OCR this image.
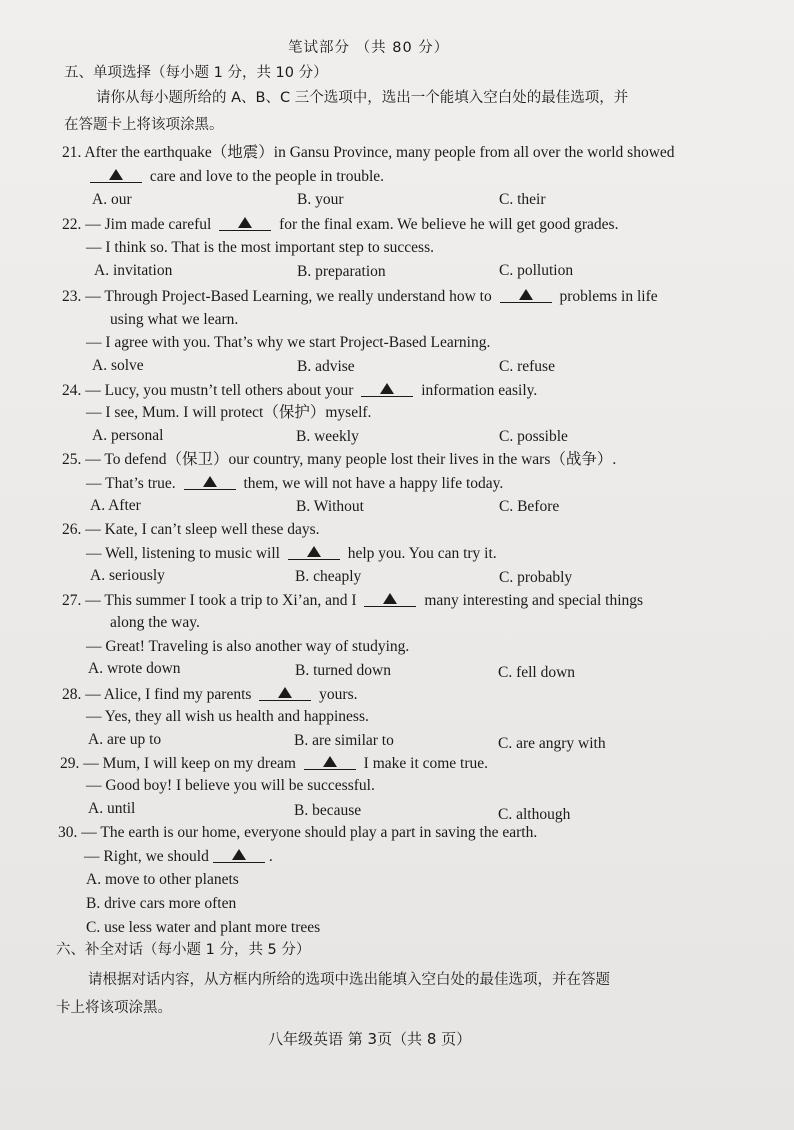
笔试部分 （共 80 分）
五、单项选择（每小题 1 分，共 10 分）
请你从每小题所给的 A、B、C 三个选项中，选出一个能填入空白处的最佳选项，并
在答题卡上将该项涂黑。
21. After the earthquake（地震）in Gansu Province, many people from all over the world showed
care and love to the people in trouble.
A. our	B. your	C. their
22. — Jim made careful	for the final exam. We believe he will get good grades.
— I think so. That is the most important step to success.
A. invitation	B. preparation	C. pollution
23. — Through Project-Based Learning, we really understand how to	problems in life
using what we learn.
— I agree with you. That’s why we start Project-Based Learning.
A. solve	B. advise	C. refuse
24. — Lucy, you mustn’t tell others about your	information easily.
— I see, Mum. I will protect（保护）myself.
A. personal	B. weekly	C. possible
25. — To defend（保卫）our country, many people lost their lives in the wars（战争）.
— That’s true.	them, we will not have a happy life today.
A. After	B. Without	C. Before
26. — Kate, I can’t sleep well these days.
— Well, listening to music will	help you. You can try it.
A. seriously	B. cheaply	C. probably
27. — This summer I took a trip to Xi’an, and I	many interesting and special things
along the way.
— Great! Traveling is also another way of studying.
A. wrote down	B. turned down	C. fell down
28. — Alice, I find my parents	yours.
— Yes, they all wish us health and happiness.
A. are up to	B. are similar to	C. are angry with
29. — Mum, I will keep on my dream	I make it come true.
— Good boy! I believe you will be successful.
A. until	B. because	C. although
30. — The earth is our home, everyone should play a part in saving the earth.
— Right, we should	.
A. move to other planets
B. drive cars more often
C. use less water and plant more trees
六、补全对话（每小题 1 分，共 5 分）
请根据对话内容，从方框内所给的选项中选出能填入空白处的最佳选项，并在答题
卡上将该项涂黑。
八年级英语 第 3页（共 8 页）
